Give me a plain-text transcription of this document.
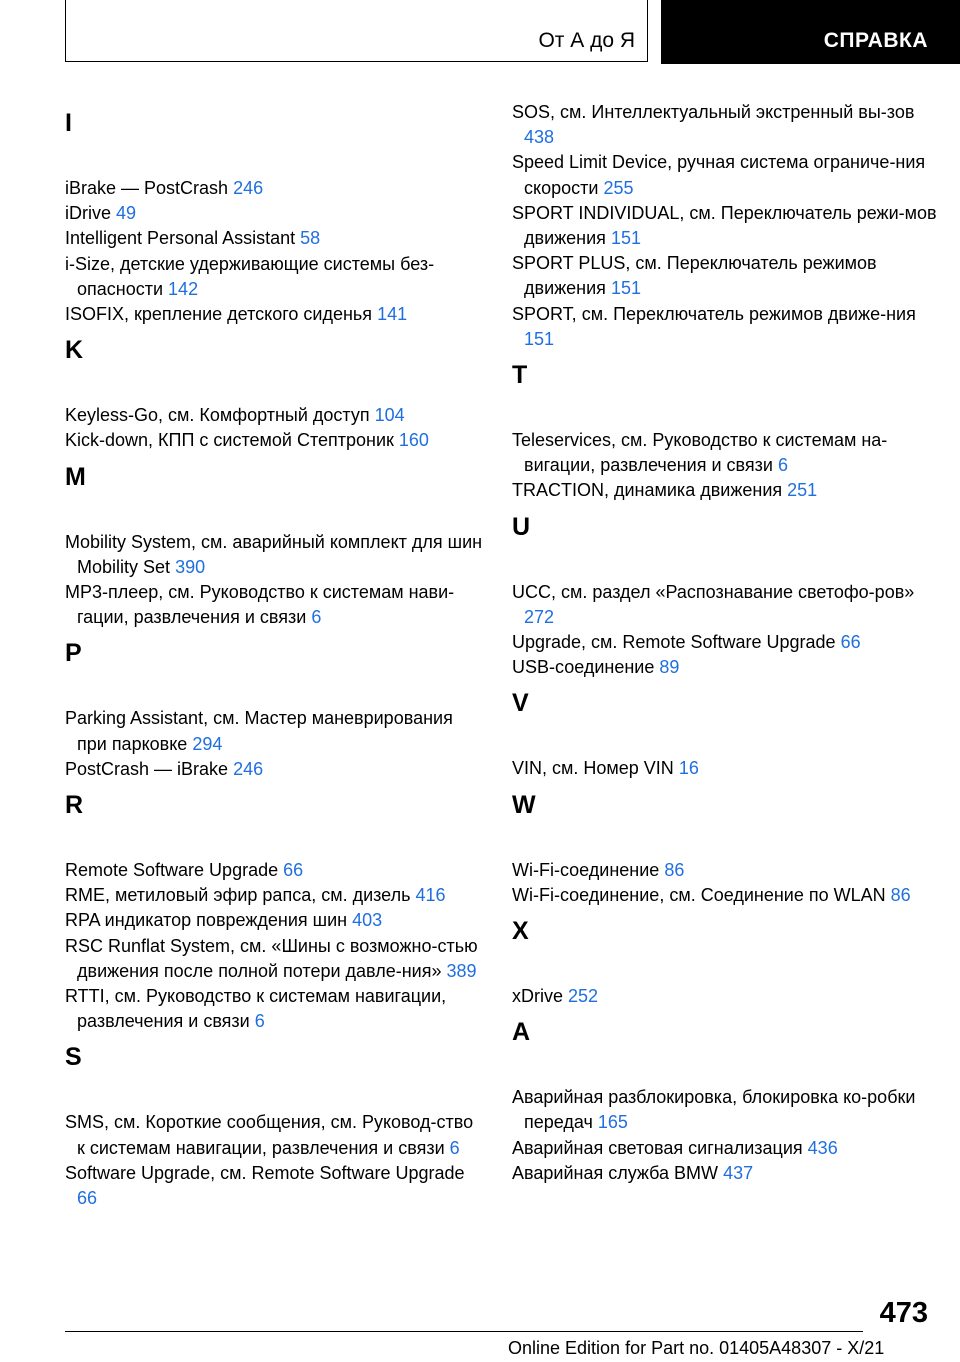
От А до Я	СПРАВКА
I

iBrake — PostCrash 246

iDrive 49

Intelligent Personal Assistant 58

i-Size, детские удерживающие системы без-опасности 142

ISOFIX, крепление детского сиденья 141

K

Keyless-Go, см. Комфортный доступ 104

Kick-down, КПП с системой Стептроник 160

M

Mobility System, см. аварийный комплект для шин Mobility Set 390

MP3-плеер, см. Руководство к системам нави-гации, развлечения и связи 6

P

Parking Assistant, см. Мастер маневрирования при парковке 294

PostCrash — iBrake 246

R

Remote Software Upgrade 66

RME, метиловый эфир рапса, см. дизель 416

RPA индикатор повреждения шин 403

RSC Runflat System, см. «Шины с возможно-стью движения после полной потери давле-ния» 389

RTTI, см. Руководство к системам навигации, развлечения и связи 6

S

SMS, см. Короткие сообщения, см. Руковод-ство к системам навигации, развлечения и связи 6

Software Upgrade, см. Remote Software Upgrade 66

SOS, см. Интеллектуальный экстренный вы-зов 438

Speed Limit Device, ручная система ограниче-ния скорости 255

SPORT INDIVIDUAL, см. Переключатель режи-мов движения 151

SPORT PLUS, см. Переключатель режимов движения 151

SPORT, см. Переключатель режимов движе-ния 151

T

Teleservices, см. Руководство к системам на-вигации, развлечения и связи 6

TRACTION, динамика движения 251

U

UCC, см. раздел «Распознавание светофо-ров» 272

Upgrade, см. Remote Software Upgrade 66

USB-соединение 89

V

VIN, см. Номер VIN 16

W

Wi-Fi-соединение 86

Wi-Fi-соединение, см. Соединение по WLAN 86

X

xDrive 252

A

Аварийная разблокировка, блокировка ко-робки передач 165

Аварийная световая сигнализация 436

Аварийная служба BMW 437

473
Online Edition for Part no. 01405A48307 - X/21
